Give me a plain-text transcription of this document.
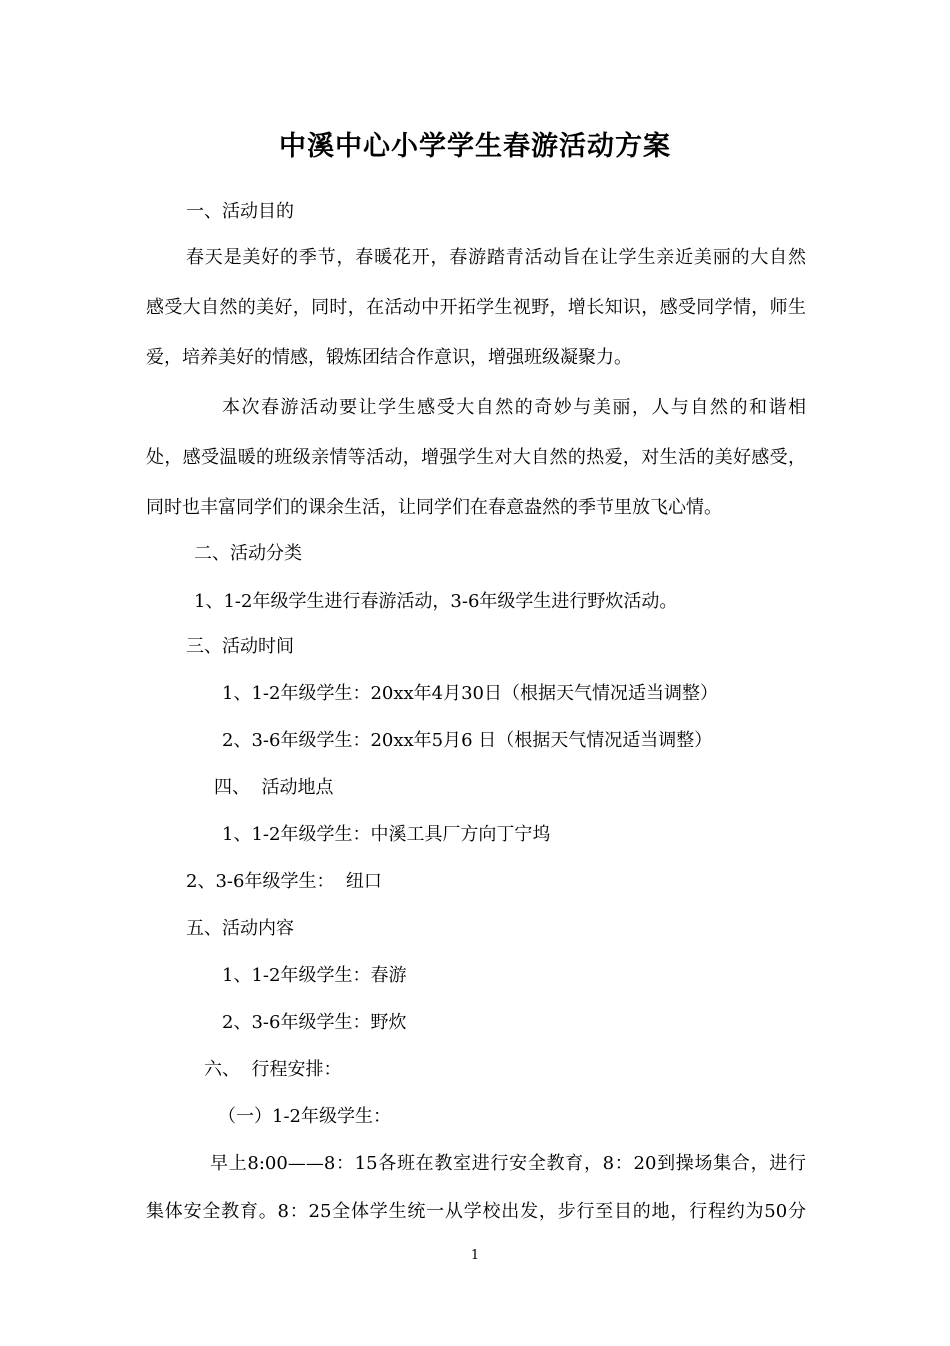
中溪中心小学学生春游活动方案
一、活动目的
春天是美好的季节，春暖花开，春游踏青活动旨在让学生亲近美丽的大自然
感受大自然的美好，同时，在活动中开拓学生视野，增长知识，感受同学情，师生
爱，培养美好的情感，锻炼团结合作意识，增强班级凝聚力。
本次春游活动要让学生感受大自然的奇妙与美丽，人与自然的和谐相
处，感受温暖的班级亲情等活动，增强学生对大自然的热爱，对生活的美好感受，
同时也丰富同学们的课余生活，让同学们在春意盎然的季节里放飞心情。
二、活动分类
1、1-2年级学生进行春游活动，3-6年级学生进行野炊活动。
三、活动时间
1、1-2年级学生：20xx年4月30日（根据天气情况适当调整）
2、3-6年级学生：20xx年5月6 日（根据天气情况适当调整）
四、  活动地点
1、1-2年级学生：中溪工具厂方向丁宁坞
2、3-6年级学生：  纽口
五、活动内容
1、1-2年级学生：春游
2、3-6年级学生：野炊
六、  行程安排：
（一）1-2年级学生：
早上8:00——8：15各班在教室进行安全教育，8：20到操场集合，进行
集体安全教育。8：25全体学生统一从学校出发，步行至目的地，行程约为50分
1
